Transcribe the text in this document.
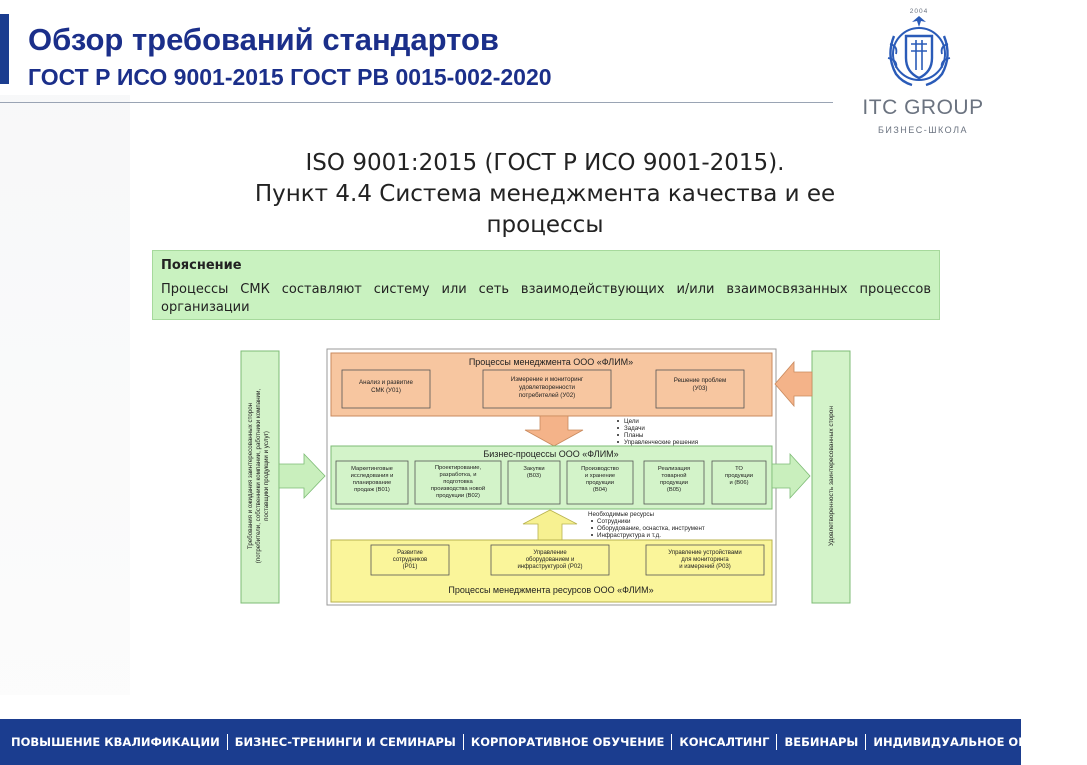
Обзор требований стандартов
ГОСТ Р ИСО 9001-2015 ГОСТ РВ 0015-002-2020
2004
ITC GROUP
БИЗНЕС-ШКОЛА
ISO 9001:2015 (ГОСТ Р ИСО 9001-2015).
Пункт 4.4 Система менеджмента качества и ее
процессы
Пояснение
Процессы СМК составляют систему или сеть взаимодействующих и/или взаимосвязанных процессов организации
Требования и ожидания заинтересованных сторон (потребители, собственники компании, работники компании, поставщики продукции и услуг)	Удовлетворенность заинтересованных сторон
Процессы менеджмента ООО «ФЛИМ»
Анализ и развитие
СМК (У01)
Измерение и мониторинг
удовлетворенности
потребителей (У02)
Решение проблем
(У03)
Цели
Задачи
Планы
Управленческие решения
Бизнес-процессы ООО «ФЛИМ»
Маркетинговые
исследования и
планирование
продаж (В01)
Проектирование,
разработка, и
подготовка
производства новой
продукции (В02)
Закупки
(В03)
Производство
и хранение
продукции
(В04)
Реализация
товарной
продукции
(В05)
ТО
продукции
и (В06)
Необходимые ресурсы
Сотрудники
Оборудование, оснастка, инструмент
Инфраструктура и т.д.
Развитие
сотрудников
(Р01)
Управление
оборудованием и
инфраструктурой (Р02)
Управление устройствами
для мониторинга
и измерений (Р03)
Процессы менеджмента ресурсов ООО «ФЛИМ»
ПОВЫШЕНИЕ КВАЛИФИКАЦИИ	БИЗНЕС-ТРЕНИНГИ И СЕМИНАРЫ	КОРПОРАТИВНОЕ ОБУЧЕНИЕ	КОНСАЛТИНГ	ВЕБИНАРЫ	ИНДИВИДУАЛЬНОЕ ОБУЧЕНИЕ
